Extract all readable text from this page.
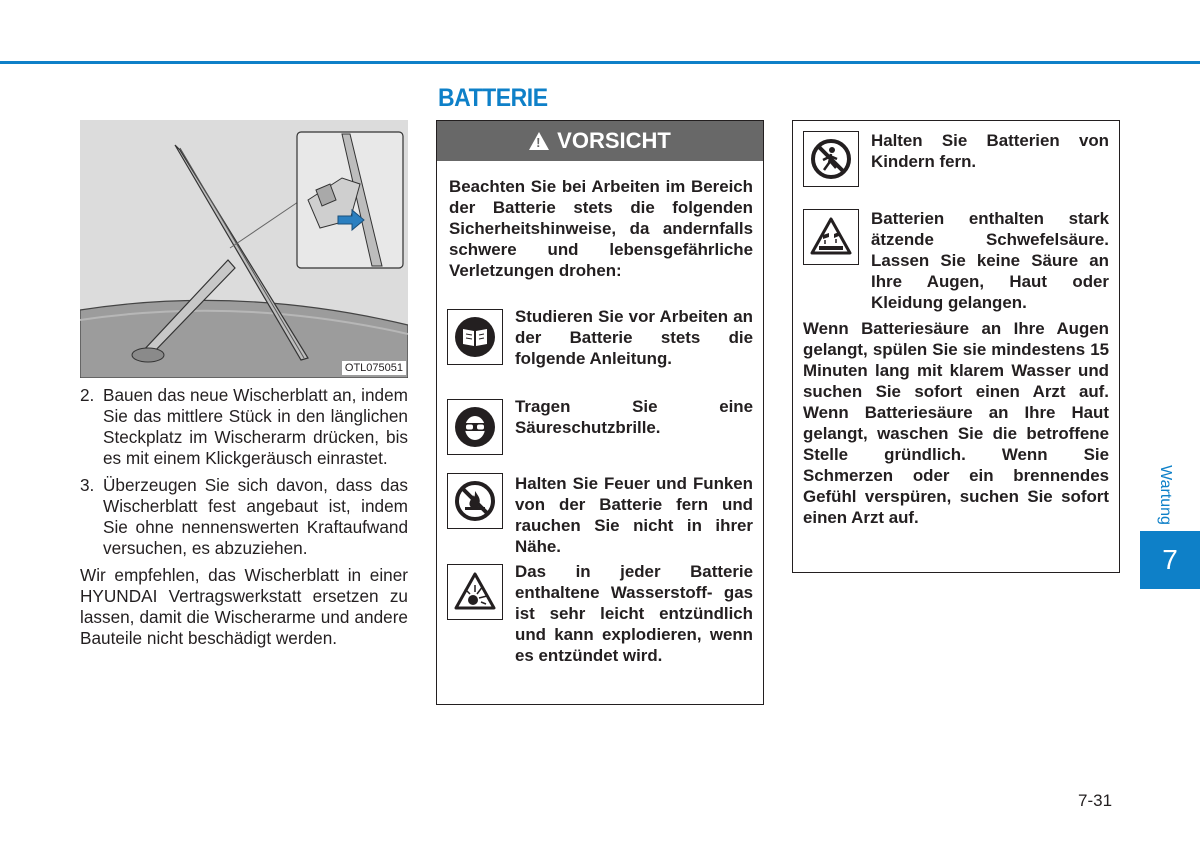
BATTERIE
OTL075051
2. Bauen das neue Wischerblatt an, indem Sie das mittlere Stück in den länglichen Steckplatz im Wischerarm drücken, bis es mit einem Klickgeräusch einrastet.
3. Überzeugen Sie sich davon, dass das Wischerblatt fest angebaut ist, indem Sie ohne nennenswerten Kraftaufwand versuchen, es abzuziehen.
Wir empfehlen, das Wischerblatt in einer HYUNDAI Vertragswerkstatt ersetzen zu lassen, damit die Wischerarme und andere Bauteile nicht beschädigt werden.
!
VORSICHT
Beachten Sie bei Arbeiten im Bereich der Batterie stets die folgenden Sicherheitshinweise, da andernfalls schwere und lebensgefährliche Verletzungen drohen:
Studieren Sie vor Arbeiten an der Batterie stets die folgende Anleitung.
Tragen Sie eine Säureschutzbrille.
Halten Sie Feuer und Funken von der Batterie fern und rauchen Sie nicht in ihrer Nähe.
Das in jeder Batterie enthaltene Wasserstoff- gas ist sehr leicht entzündlich und kann explodieren, wenn es entzündet wird.
Halten Sie Batterien von Kindern fern.
Batterien enthalten stark ätzende Schwefelsäure. Lassen Sie keine Säure an Ihre Augen, Haut oder Kleidung gelangen.
Wenn Batteriesäure an Ihre Augen gelangt, spülen Sie sie mindestens 15 Minuten lang mit klarem Wasser und suchen Sie sofort einen Arzt auf. Wenn Batteriesäure an Ihre Haut gelangt, waschen Sie die betroffene Stelle gründlich. Wenn Sie Schmerzen oder ein brennendes Gefühl verspüren, suchen Sie sofort einen Arzt auf.	Wartung
7
7-31
